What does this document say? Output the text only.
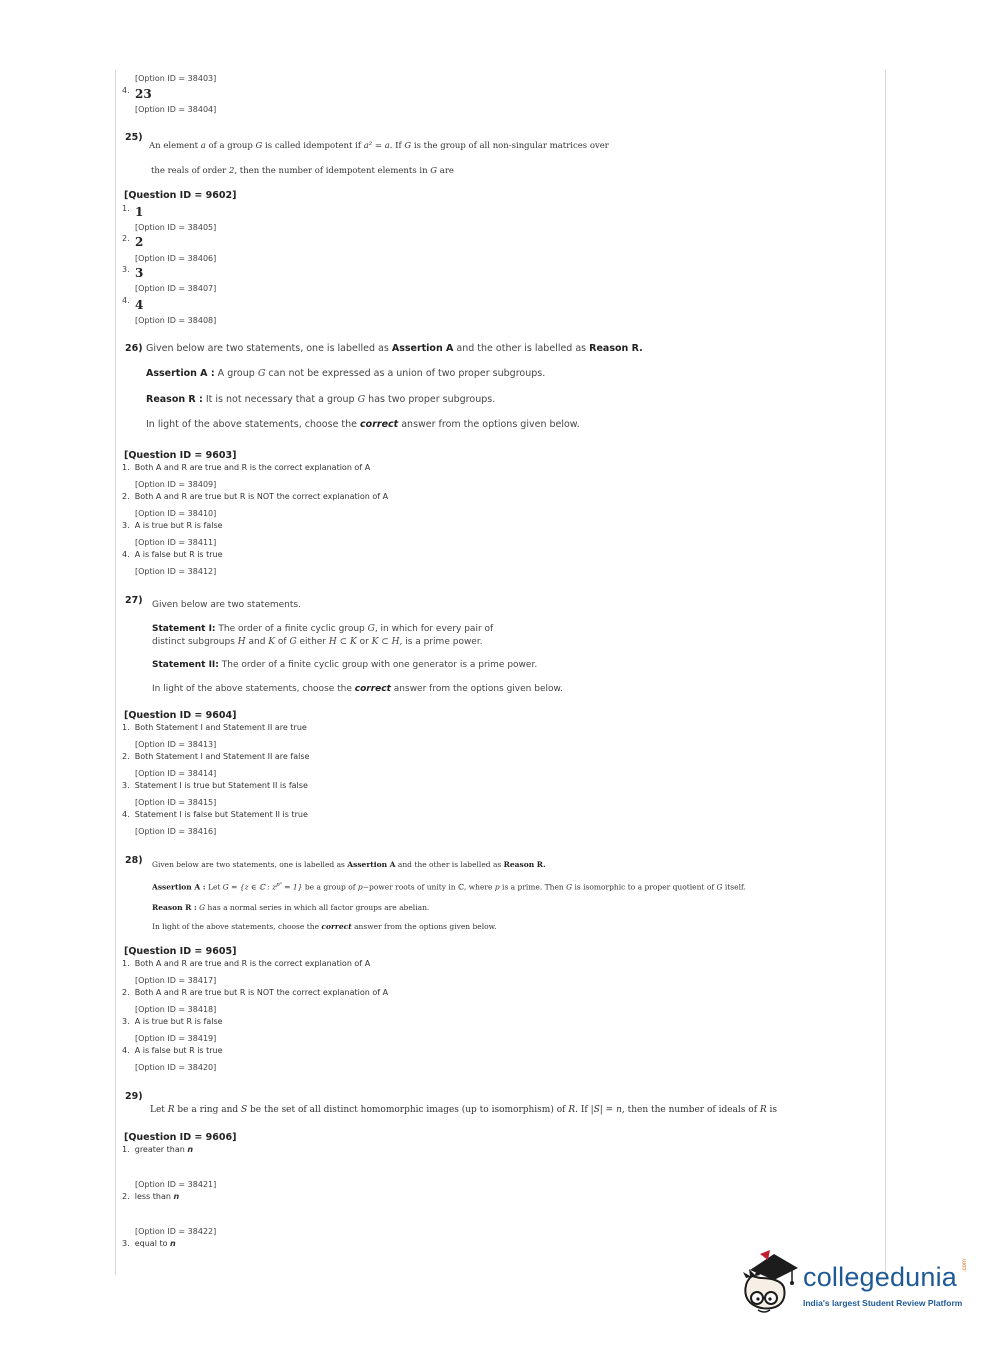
[Option ID = 38403]
4. 23
[Option ID = 38404]
25)
An element a of a group G is called idempotent if a² = a. If G is the group of all non-singular matrices over
the reals of order 2, then the number of idempotent elements in G are
[Question ID = 9602]
1. 1
[Option ID = 38405]
2. 2
[Option ID = 38406]
3. 3
[Option ID = 38407]
4. 4
[Option ID = 38408]
26) Given below are two statements, one is labelled as Assertion A and the other is labelled as Reason R.
Assertion A : A group G can not be expressed as a union of two proper subgroups.
Reason R : It is not necessary that a group G has two proper subgroups.
In light of the above statements, choose the correct answer from the options given below.
[Question ID = 9603]
1. Both A and R are true and R is the correct explanation of A
[Option ID = 38409]
2. Both A and R are true but R is NOT the correct explanation of A
[Option ID = 38410]
3. A is true but R is false
[Option ID = 38411]
4. A is false but R is true
[Option ID = 38412]
27) Given below are two statements.
Statement I: The order of a finite cyclic group G, in which for every pair of
distinct subgroups H and K of G either H ⊂ K or K ⊂ H, is a prime power.
Statement II: The order of a finite cyclic group with one generator is a prime power.
In light of the above statements, choose the correct answer from the options given below.
[Question ID = 9604]
1. Both Statement I and Statement II are true
[Option ID = 38413]
2. Both Statement I and Statement II are false
[Option ID = 38414]
3. Statement I is true but Statement II is false
[Option ID = 38415]
4. Statement I is false but Statement II is true
[Option ID = 38416]
28) Given below are two statements, one is labelled as Assertion A and the other is labelled as Reason R.
Assertion A : Let G = {z ∈ ℂ : $z^{p^n} = 1$} be a group of p−power roots of unity in ℂ, where p is a prime. Then G is isomorphic to a proper quotient of G itself.
Reason R : G has a normal series in which all factor groups are abelian.
In light of the above statements, choose the correct answer from the options given below.
[Question ID = 9605]
1. Both A and R are true and R is the correct explanation of A
[Option ID = 38417]
2. Both A and R are true but R is NOT the correct explanation of A
[Option ID = 38418]
3. A is true but R is false
[Option ID = 38419]
4. A is false but R is true
[Option ID = 38420]
29)
Let R be a ring and S be the set of all distinct homomorphic images (up to isomorphism) of R. If |S| = n, then the number of ideals of R is
[Question ID = 9606]
1. greater than n
[Option ID = 38421]
2. less than n
[Option ID = 38422]
3. equal to n
collegedunia .com
India's largest Student Review Platform
